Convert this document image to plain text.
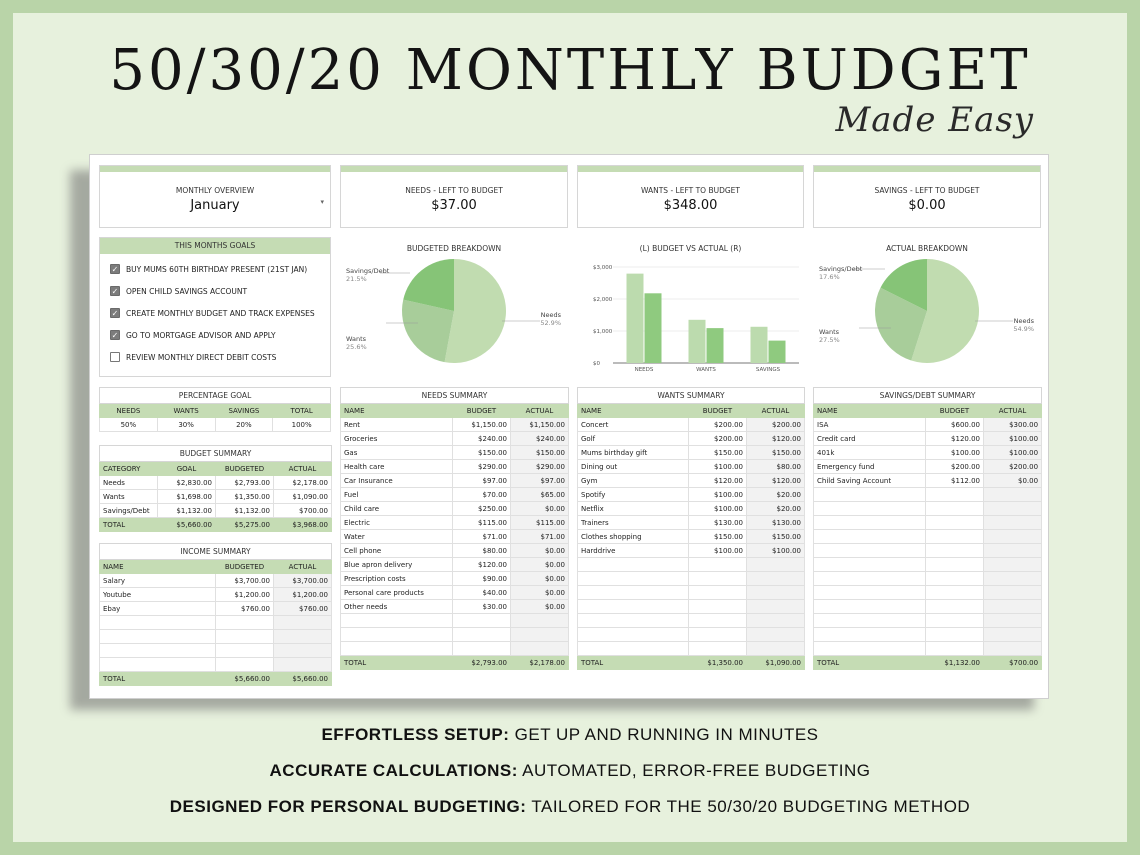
50/30/20 MONTHLY BUDGET
Made Easy
MONTHLY OVERVIEW
January	▾
NEEDS - LEFT TO BUDGET
$37.00
WANTS - LEFT TO BUDGET
$348.00
SAVINGS - LEFT TO BUDGET
$0.00
THIS MONTHS GOALS
✓ BUY MUMS 60TH BIRTHDAY PRESENT (21ST JAN)
✓ OPEN CHILD SAVINGS ACCOUNT
✓ CREATE MONTHLY BUDGET AND TRACK EXPENSES
✓ GO TO MORTGAGE ADVISOR AND APPLY
REVIEW MONTHLY DIRECT DEBIT COSTS
BUDGETED BREAKDOWN
Savings/Debt
21.5%
Wants
25.6%
Needs
52.9%
(L) BUDGET VS ACTUAL (R)
$0
$1,000
$2,000
$3,000
NEEDS	WANTS	SAVINGS
ACTUAL BREAKDOWN
Savings/Debt
17.6%
Wants
27.5%
Needs
54.9%
PERCENTAGE GOAL			
NEEDS	WANTS	SAVINGS	TOTAL
50%	30%	20%	100%
BUDGET SUMMARY			
CATEGORY	GOAL	BUDGETED	ACTUAL
Needs	$2,830.00	$2,793.00	$2,178.00
Wants	$1,698.00	$1,350.00	$1,090.00
Savings/Debt	$1,132.00	$1,132.00	$700.00
TOTAL	$5,660.00	$5,275.00	$3,968.00
INCOME SUMMARY		
NAME	BUDGETED	ACTUAL
Salary	$3,700.00	$3,700.00
Youtube	$1,200.00	$1,200.00
Ebay	$760.00	$760.00

TOTAL	$5,660.00	$5,660.00
NEEDS SUMMARY		
NAME	BUDGET	ACTUAL
Rent	$1,150.00	$1,150.00
Groceries	$240.00	$240.00
Gas	$150.00	$150.00
Health care	$290.00	$290.00
Car Insurance	$97.00	$97.00
Fuel	$70.00	$65.00
Child care	$250.00	$0.00
Electric	$115.00	$115.00
Water	$71.00	$71.00
Cell phone	$80.00	$0.00
Blue apron delivery	$120.00	$0.00
Prescription costs	$90.00	$0.00
Personal care products	$40.00	$0.00
Other needs	$30.00	$0.00

TOTAL	$2,793.00	$2,178.00
WANTS SUMMARY		
NAME	BUDGET	ACTUAL
Concert	$200.00	$200.00
Golf	$200.00	$120.00
Mums birthday gift	$150.00	$150.00
Dining out	$100.00	$80.00
Gym	$120.00	$120.00
Spotify	$100.00	$20.00
Netflix	$100.00	$20.00
Trainers	$130.00	$130.00
Clothes shopping	$150.00	$150.00
Harddrive	$100.00	$100.00

TOTAL	$1,350.00	$1,090.00
SAVINGS/DEBT SUMMARY		
NAME	BUDGET	ACTUAL
ISA	$600.00	$300.00
Credit card	$120.00	$100.00
401k	$100.00	$100.00
Emergency fund	$200.00	$200.00
Child Saving Account	$112.00	$0.00

TOTAL	$1,132.00	$700.00
EFFORTLESS SETUP: GET UP AND RUNNING IN MINUTES
ACCURATE CALCULATIONS: AUTOMATED, ERROR-FREE BUDGETING
DESIGNED FOR PERSONAL BUDGETING: TAILORED FOR THE 50/30/20 BUDGETING METHOD
